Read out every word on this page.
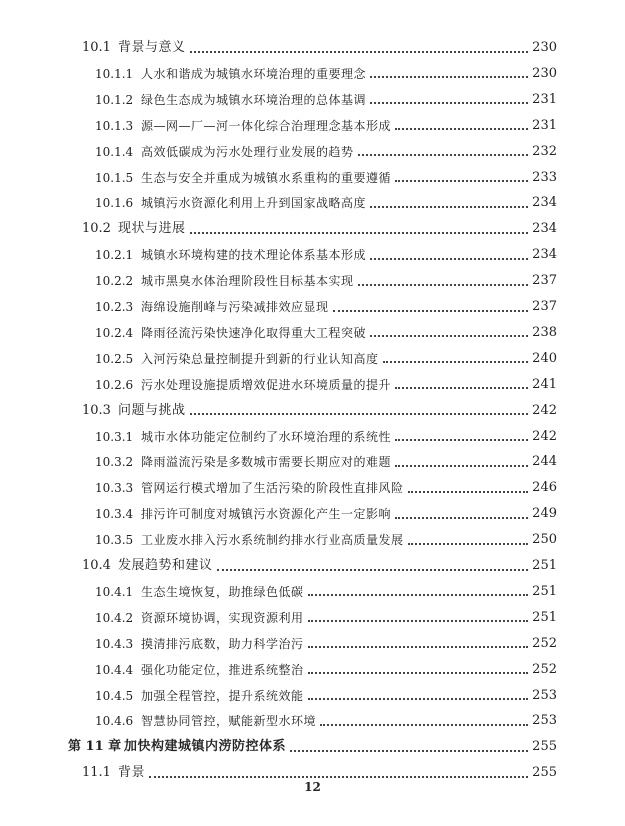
10.1 背景与意义	230
10.1.1 人水和谐成为城镇水环境治理的重要理念	230
10.1.2 绿色生态成为城镇水环境治理的总体基调	231
10.1.3 源—网—厂—河一体化综合治理理念基本形成	231
10.1.4 高效低碳成为污水处理行业发展的趋势	232
10.1.5 生态与安全并重成为城镇水系重构的重要遵循	233
10.1.6 城镇污水资源化利用上升到国家战略高度	234
10.2 现状与进展	234
10.2.1 城镇水环境构建的技术理论体系基本形成	234
10.2.2 城市黑臭水体治理阶段性目标基本实现	237
10.2.3 海绵设施削峰与污染减排效应显现	237
10.2.4 降雨径流污染快速净化取得重大工程突破	238
10.2.5 入河污染总量控制提升到新的行业认知高度	240
10.2.6 污水处理设施提质增效促进水环境质量的提升	241
10.3 问题与挑战	242
10.3.1 城市水体功能定位制约了水环境治理的系统性	242
10.3.2 降雨溢流污染是多数城市需要长期应对的难题	244
10.3.3 管网运行模式增加了生活污染的阶段性直排风险	246
10.3.4 排污许可制度对城镇污水资源化产生一定影响	249
10.3.5 工业废水排入污水系统制约排水行业高质量发展	250
10.4 发展趋势和建议	251
10.4.1 生态生境恢复，助推绿色低碳	251
10.4.2 资源环境协调，实现资源利用	251
10.4.3 摸清排污底数，助力科学治污	252
10.4.4 强化功能定位，推进系统整治	252
10.4.5 加强全程管控，提升系统效能	253
10.4.6 智慧协同管控，赋能新型水环境	253
第 11 章 加快构建城镇内涝防控体系	255
11.1 背景	255
12
